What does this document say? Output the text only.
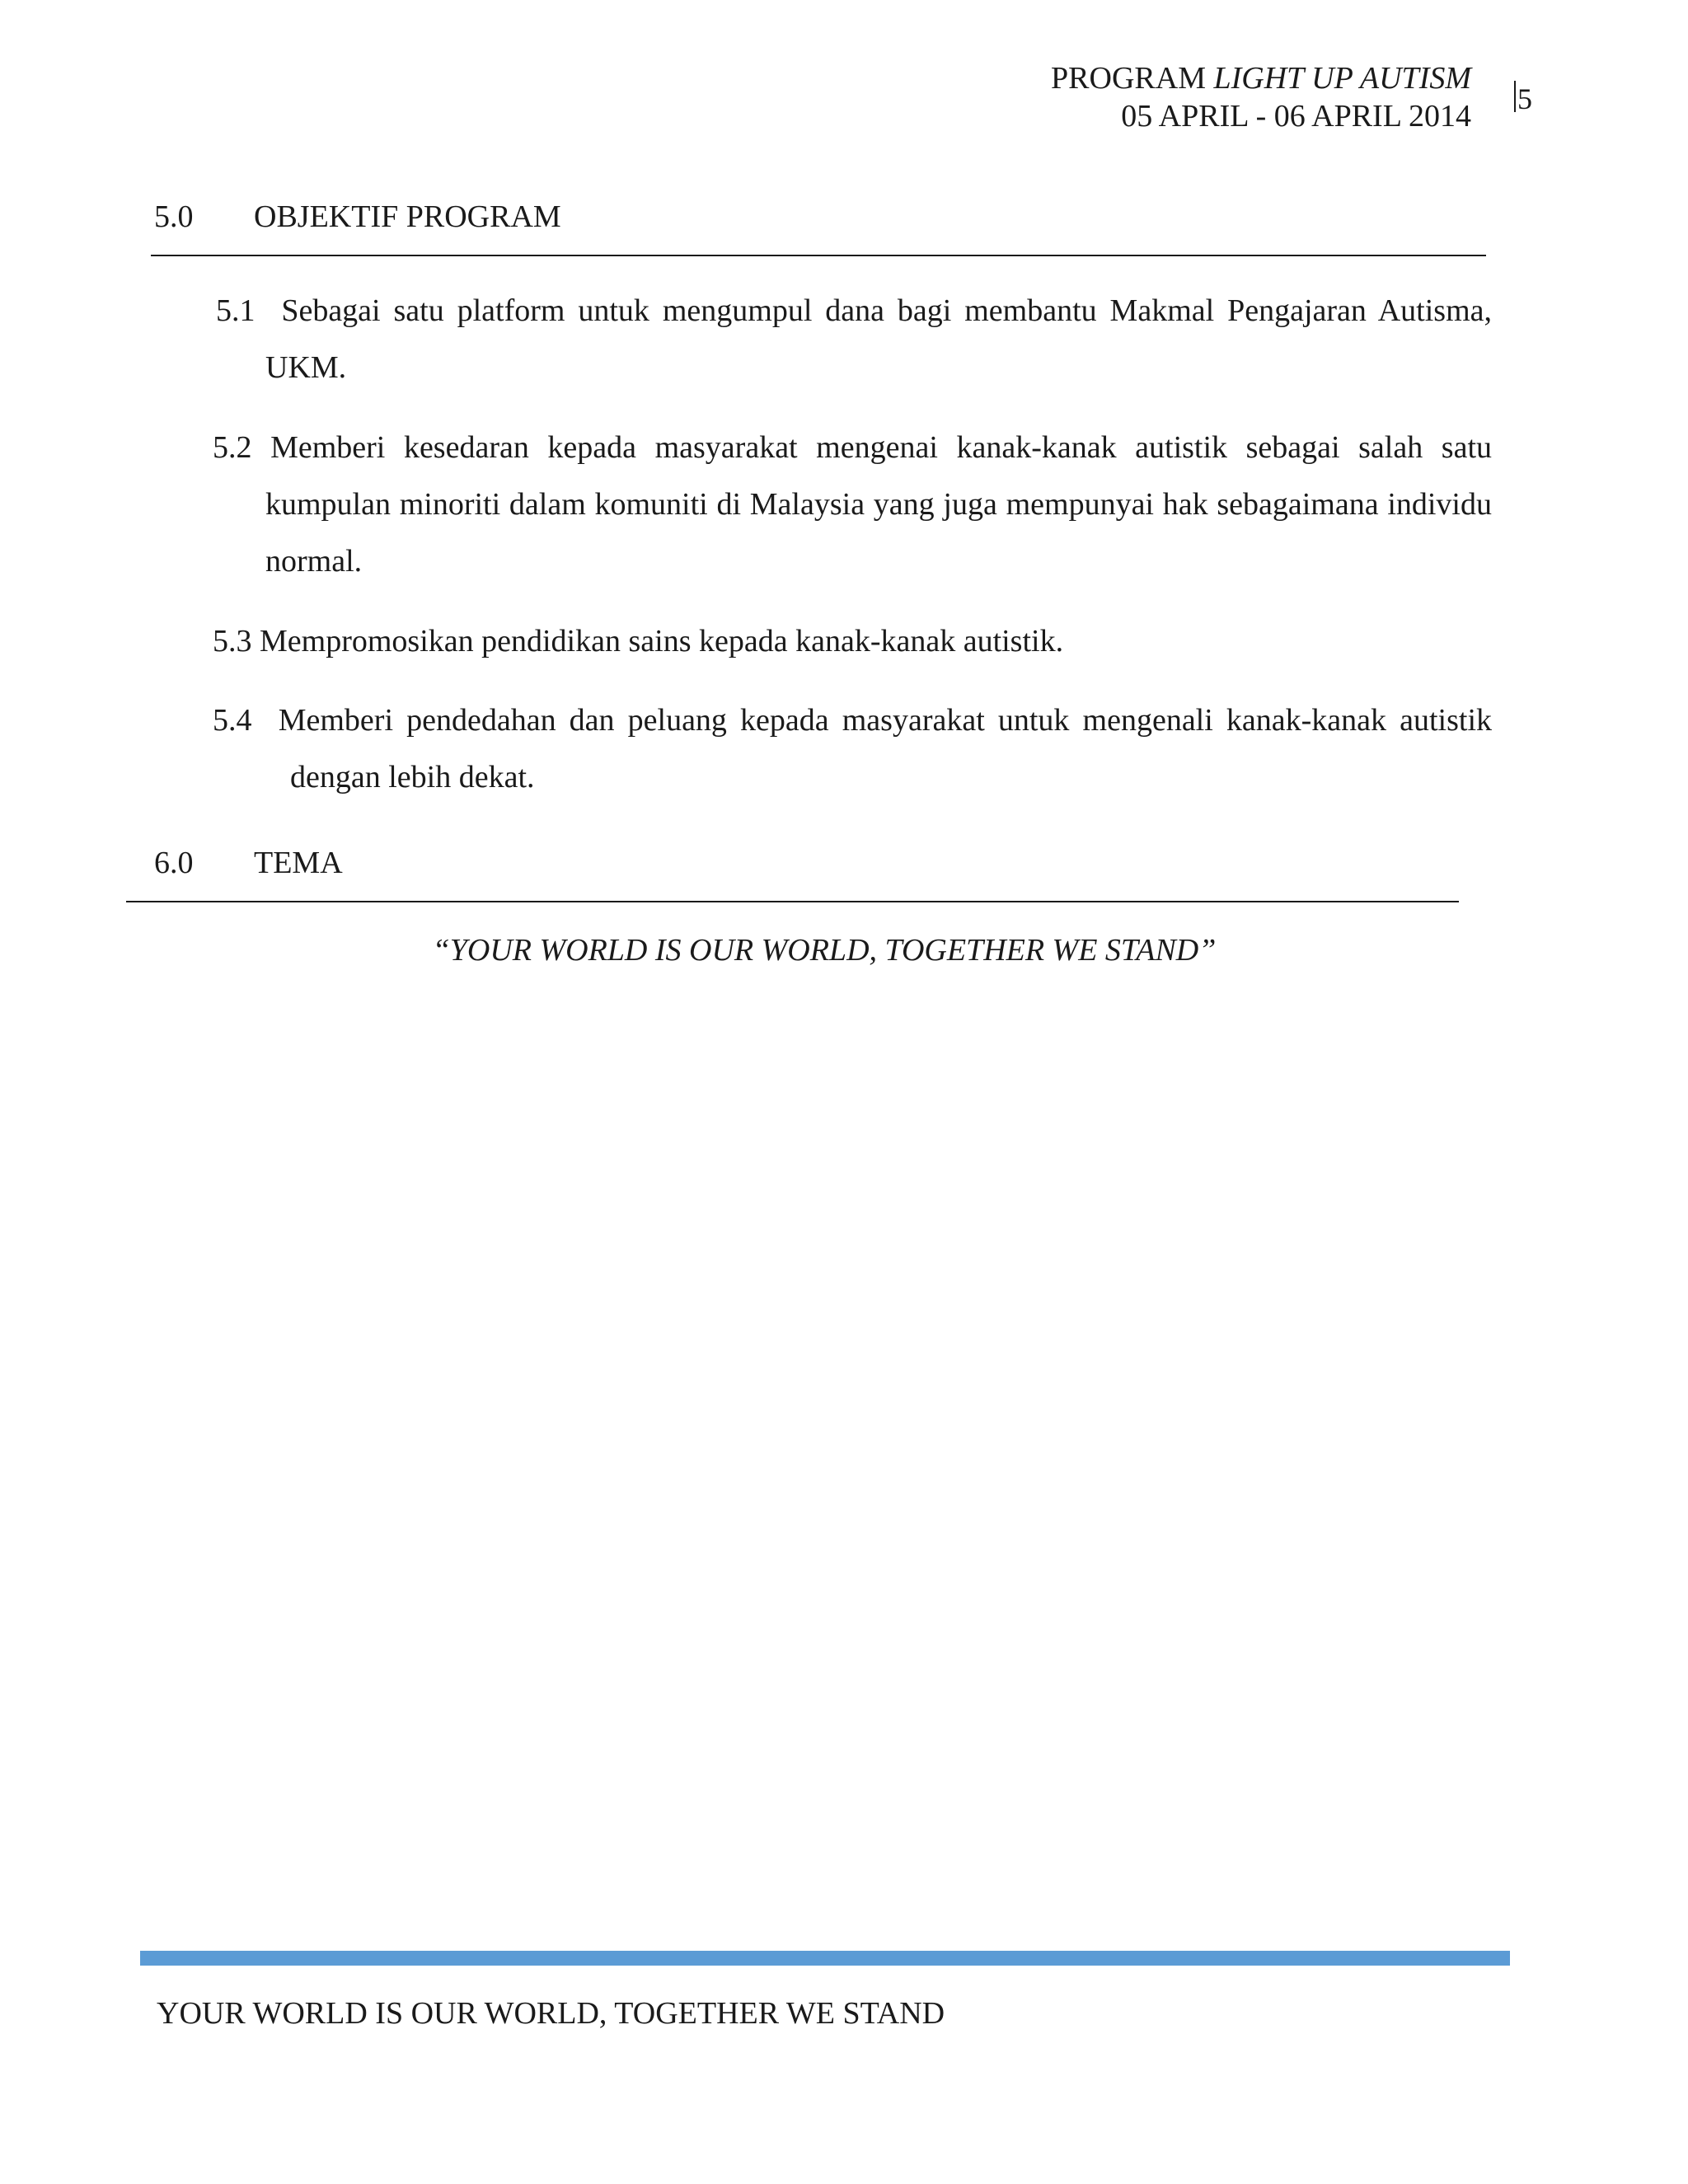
PROGRAM LIGHT UP AUTISM
05 APRIL - 06 APRIL 2014 5
5.0 OBJEKTIF PROGRAM
5.1 Sebagai satu platform untuk mengumpul dana bagi membantu Makmal Pengajaran Autisma, UKM.
5.2 Memberi kesedaran kepada masyarakat mengenai kanak-kanak autistik sebagai salah satu kumpulan minoriti dalam komuniti di Malaysia yang juga mempunyai hak sebagaimana individu normal.
5.3 Mempromosikan pendidikan sains kepada kanak-kanak autistik.
5.4 Memberi pendedahan dan peluang kepada masyarakat untuk mengenali kanak-kanak autistik dengan lebih dekat.
6.0 TEMA
“YOUR WORLD IS OUR WORLD, TOGETHER WE STAND”
YOUR WORLD IS OUR WORLD, TOGETHER WE STAND
